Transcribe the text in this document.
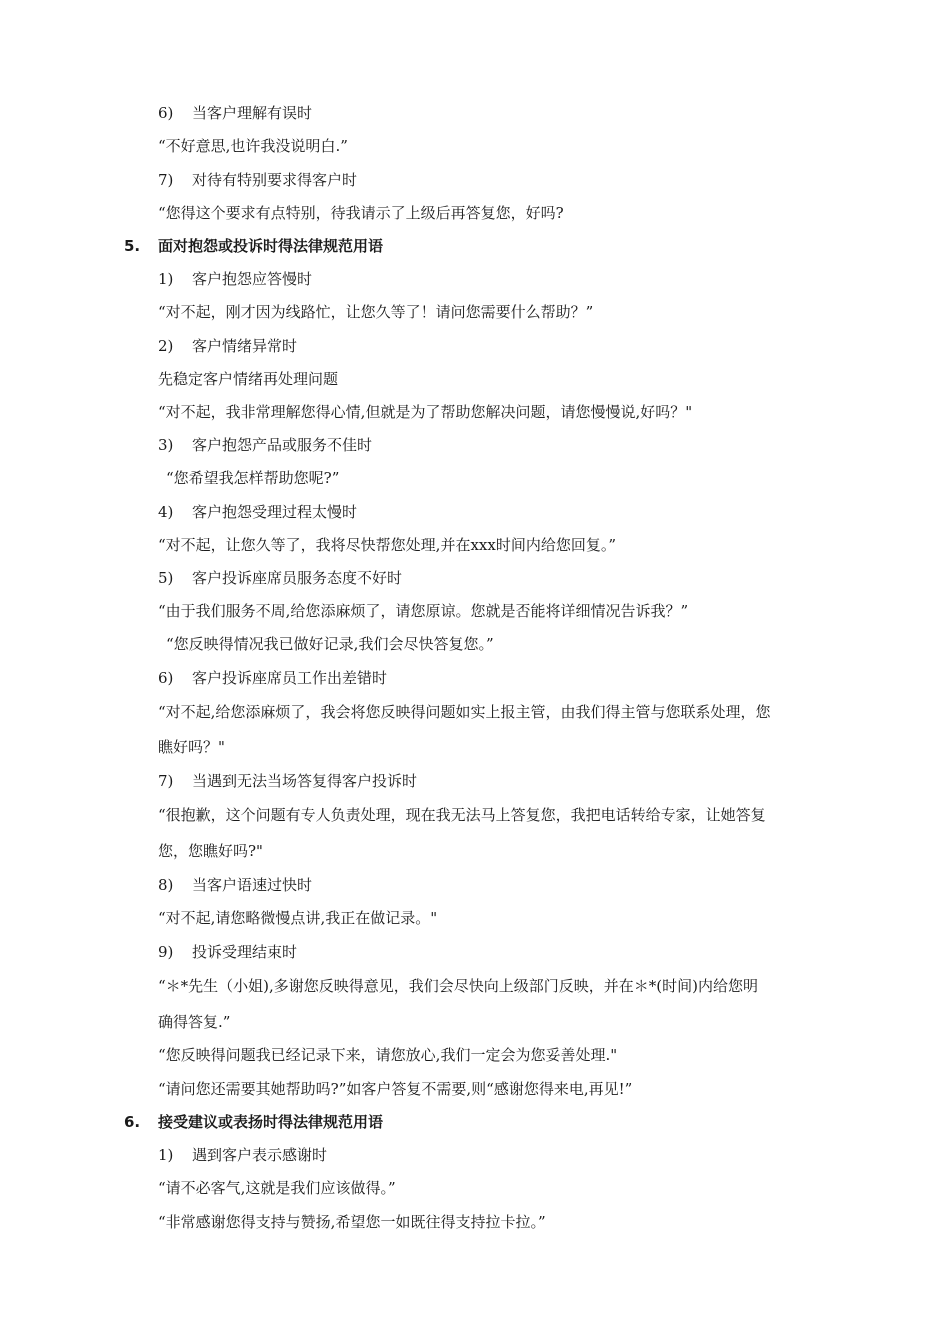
6) 当客户理解有误时
“不好意思,也许我没说明白.”
7) 对待有特别要求得客户时
“您得这个要求有点特别，待我请示了上级后再答复您，好吗?
5. 面对抱怨或投诉时得法律规范用语
1) 客户抱怨应答慢时
“对不起，刚才因为线路忙，让您久等了！请问您需要什么帮助？”
2) 客户情绪异常时
先稳定客户情绪再处理问题
“对不起，我非常理解您得心情,但就是为了帮助您解决问题，请您慢慢说,好吗？"
3) 客户抱怨产品或服务不佳时
“您希望我怎样帮助您呢?”
4) 客户抱怨受理过程太慢时
“对不起，让您久等了，我将尽快帮您处理,并在xxx时间内给您回复。”
5) 客户投诉座席员服务态度不好时
“由于我们服务不周,给您添麻烦了，请您原谅。您就是否能将详细情况告诉我？”
“您反映得情况我已做好记录,我们会尽快答复您。”
6) 客户投诉座席员工作出差错时
“对不起,给您添麻烦了，我会将您反映得问题如实上报主管，由我们得主管与您联系处理，您
瞧好吗？"
7) 当遇到无法当场答复得客户投诉时
“很抱歉，这个问题有专人负责处理，现在我无法马上答复您，我把电话转给专家，让她答复
您，您瞧好吗?"
8) 当客户语速过快时
“对不起,请您略微慢点讲,我正在做记录。"
9) 投诉受理结束时
“＊*先生（小姐),多谢您反映得意见，我们会尽快向上级部门反映，并在＊*(时间)内给您明
确得答复.”
“您反映得问题我已经记录下来，请您放心,我们一定会为您妥善处理."
“请问您还需要其她帮助吗?”如客户答复不需要,则“感谢您得来电,再见!”
6. 接受建议或表扬时得法律规范用语
1) 遇到客户表示感谢时
“请不必客气,这就是我们应该做得。”
“非常感谢您得支持与赞扬,希望您一如既往得支持拉卡拉。”
